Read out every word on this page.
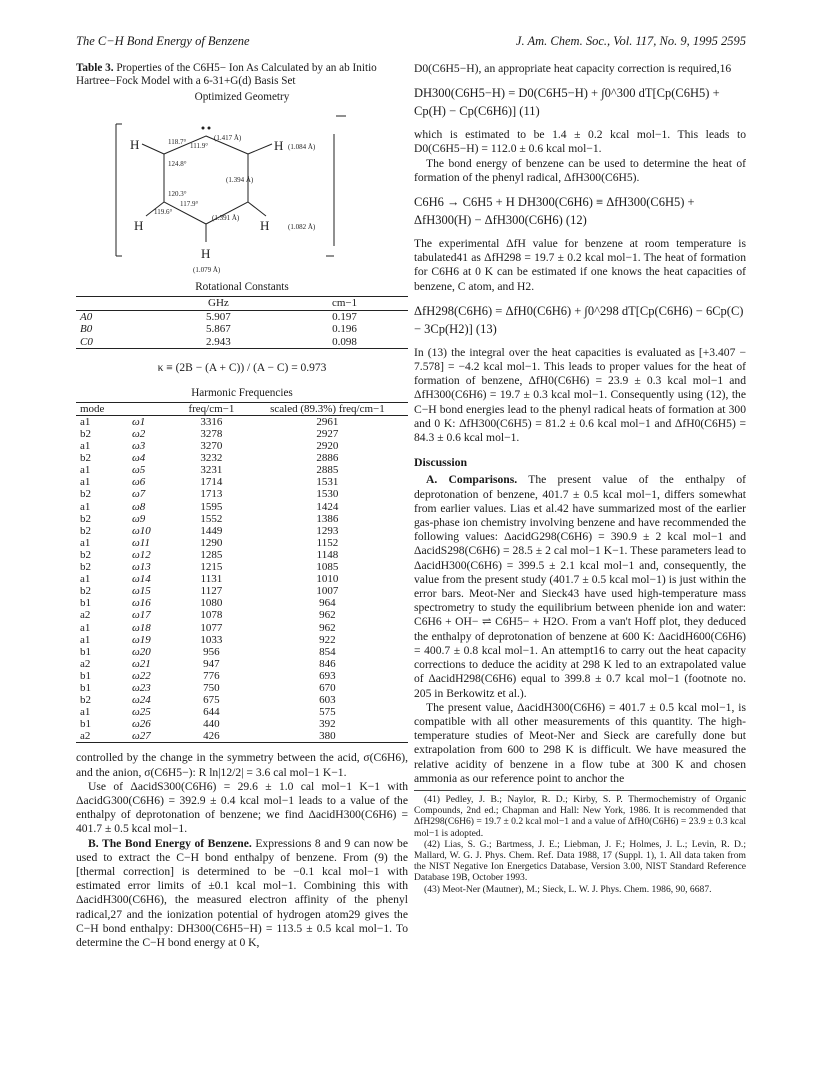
The C−H Bond Energy of Benzene	J. Am. Chem. Soc., Vol. 117, No. 9, 1995 2595
Table 3. Properties of the C6H5− Ion As Calculated by an ab Initio Hartree−Fock Model with a 6-31+G(d) Basis Set
Optimized Geometry
H	H
H	H
H
118.7° 111.9°
(1.417 Å)
(1.084 Å)
124.8°
(1.394 Å)
120.3°
117.9°
119.6°
(1.391 Å)
(1.082 Å)
(1.079 Å)
Rotational Constants
	GHz	cm−1
A0	5.907	0.197
B0	5.867	0.196
C0	2.943	0.098
κ ≡ (2B − (A + C)) / (A − C) = 0.973
Harmonic Frequencies
mode		freq/cm−1	scaled (89.3%) freq/cm−1
a1	ω1	3316	2961
b2	ω2	3278	2927
a1	ω3	3270	2920
b2	ω4	3232	2886
a1	ω5	3231	2885
a1	ω6	1714	1531
b2	ω7	1713	1530
a1	ω8	1595	1424
b2	ω9	1552	1386
b2	ω10	1449	1293
a1	ω11	1290	1152
b2	ω12	1285	1148
b2	ω13	1215	1085
a1	ω14	1131	1010
b2	ω15	1127	1007
b1	ω16	1080	964
a2	ω17	1078	962
a1	ω18	1077	962
a1	ω19	1033	922
b1	ω20	956	854
a2	ω21	947	846
b1	ω22	776	693
b1	ω23	750	670
b2	ω24	675	603
a1	ω25	644	575
b1	ω26	440	392
a2	ω27	426	380

controlled by the change in the symmetry between the acid, σ(C6H6), and the anion, σ(C6H5−): R ln|12/2| = 3.6 cal mol−1 K−1.

Use of ΔacidS300(C6H6) = 29.6 ± 1.0 cal mol−1 K−1 with ΔacidG300(C6H6) = 392.9 ± 0.4 kcal mol−1 leads to a value of the enthalpy of deprotonation of benzene; we find ΔacidH300(C6H6) = 401.7 ± 0.5 kcal mol−1.

B. The Bond Energy of Benzene. Expressions 8 and 9 can now be used to extract the C−H bond enthalpy of benzene. From (9) the [thermal correction] is determined to be −0.1 kcal mol−1 with estimated error limits of ±0.1 kcal mol−1. Combining this with ΔacidH300(C6H6), the measured electron affinity of the phenyl radical,27 and the ionization potential of hydrogen atom29 gives the C−H bond enthalpy: DH300(C6H5−H) = 113.5 ± 0.5 kcal mol−1. To determine the C−H bond energy at 0 K,

D0(C6H5−H), an appropriate heat capacity correction is required,16

DH300(C6H5−H) = D0(C6H5−H) + ∫0^300 dT[Cp(C6H5) + Cp(H) − Cp(C6H6)] (11)

which is estimated to be 1.4 ± 0.2 kcal mol−1. This leads to D0(C6H5−H) = 112.0 ± 0.6 kcal mol−1.

The bond energy of benzene can be used to determine the heat of formation of the phenyl radical, ΔfH300(C6H5).

C6H6 → C6H5 + H DH300(C6H6) ≡ ΔfH300(C6H5) + ΔfH300(H) − ΔfH300(C6H6) (12)

The experimental ΔfH value for benzene at room temperature is tabulated41 as ΔfH298 = 19.7 ± 0.2 kcal mol−1. The heat of formation for C6H6 at 0 K can be estimated if one knows the heat capacities of benzene, C atom, and H2.

ΔfH298(C6H6) = ΔfH0(C6H6) + ∫0^298 dT[Cp(C6H6) − 6Cp(C) − 3Cp(H2)] (13)

In (13) the integral over the heat capacities is evaluated as [+3.407 − 7.578] = −4.2 kcal mol−1. This leads to proper values for the heat of formation of benzene, ΔfH0(C6H6) = 23.9 ± 0.3 kcal mol−1 and ΔfH300(C6H6) = 19.7 ± 0.3 kcal mol−1. Consequently using (12), the C−H bond energies lead to the phenyl radical heats of formation at 300 and 0 K: ΔfH300(C6H5) = 81.2 ± 0.6 kcal mol−1 and ΔfH0(C6H5) = 84.3 ± 0.6 kcal mol−1.

Discussion

A. Comparisons. The present value of the enthalpy of deprotonation of benzene, 401.7 ± 0.5 kcal mol−1, differs somewhat from earlier values. Lias et al.42 have summarized most of the earlier gas-phase ion chemistry involving benzene and have recommended the following values: ΔacidG298(C6H6) = 390.9 ± 2 kcal mol−1 and ΔacidS298(C6H6) = 28.5 ± 2 cal mol−1 K−1. These parameters lead to ΔacidH300(C6H6) = 399.5 ± 2.1 kcal mol−1 and, consequently, the value from the present study (401.7 ± 0.5 kcal mol−1) is just within the error bars. Meot-Ner and Sieck43 have used high-temperature mass spectrometry to study the equilibrium between phenide ion and water: C6H6 + OH− ⇌ C6H5− + H2O. From a van't Hoff plot, they deduced the enthalpy of deprotonation of benzene at 600 K: ΔacidH600(C6H6) = 400.7 ± 0.8 kcal mol−1. An attempt16 to carry out the heat capacity corrections to deduce the acidity at 298 K led to an extrapolated value of ΔacidH298(C6H6) equal to 399.8 ± 0.7 kcal mol−1 (footnote no. 205 in Berkowitz et al.).

The present value, ΔacidH300(C6H6) = 401.7 ± 0.5 kcal mol−1, is compatible with all other measurements of this quantity. The high-temperature studies of Meot-Ner and Sieck are carefully done but extrapolation from 600 to 298 K is difficult. We have measured the relative acidity of benzene in a flow tube at 300 K and chosen ammonia as our reference point to anchor the

(41) Pedley, J. B.; Naylor, R. D.; Kirby, S. P. Thermochemistry of Organic Compounds, 2nd ed.; Chapman and Hall: New York, 1986. It is recommended that ΔfH298(C6H6) = 19.7 ± 0.2 kcal mol−1 and a value of ΔfH0(C6H6) = 23.9 ± 0.3 kcal mol−1 is adopted.

(42) Lias, S. G.; Bartmess, J. E.; Liebman, J. F.; Holmes, J. L.; Levin, R. D.; Mallard, W. G. J. Phys. Chem. Ref. Data 1988, 17 (Suppl. 1), 1. All data taken from the NIST Negative Ion Energetics Database, Version 3.00, NIST Standard Reference Database 19B, October 1993.

(43) Meot-Ner (Mautner), M.; Sieck, L. W. J. Phys. Chem. 1986, 90, 6687.
